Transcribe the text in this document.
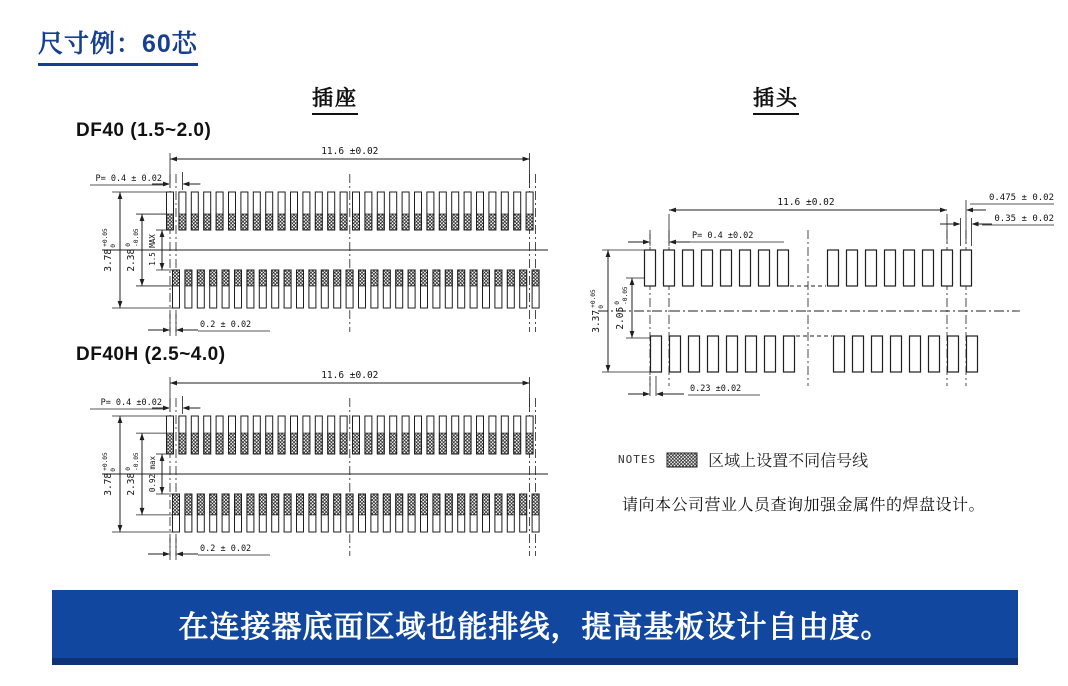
尺寸例：60芯
插座	插头
DF40 (1.5~2.0)
11.6 ±0.02
P= 0.4 ± 0.02
0.2 ± 0.02
$3.78^{+0.05}0$
2.38$^0$-0.05 1.5 MAX
DF40H (2.5~4.0)
11.6 ±0.02
P= 0.4 ±0.02
0.2 ± 0.02
$3.78^{+0.05}0$
2.38$^0$-0.05 0.92 max
11.6 ±0.02	0.475 ± 0.02
0.35 ± 0.02
P= 0.4 ±0.02
$3.37^{+0.05}0$ 2.05$^0$-0.05
0.23 ±0.02
NOTES	区域上设置不同信号线
请向本公司营业人员查询加强金属件的焊盘设计。
在连接器底面区域也能排线，提高基板设计自由度。
